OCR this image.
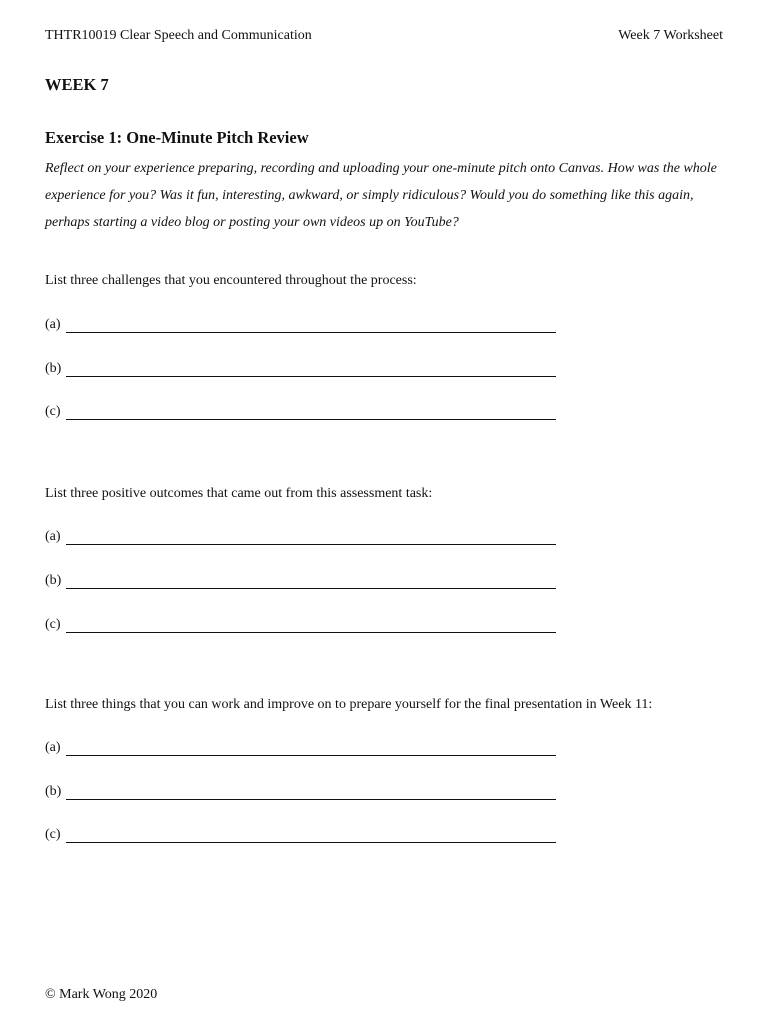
THTR10019 Clear Speech and Communication	Week 7 Worksheet
WEEK 7
Exercise 1: One-Minute Pitch Review
Reflect on your experience preparing, recording and uploading your one-minute pitch onto Canvas. How was the whole experience for you? Was it fun, interesting, awkward, or simply ridiculous? Would you do something like this again, perhaps starting a video blog or posting your own videos up on YouTube?
List three challenges that you encountered throughout the process:
(a)
(b)
(c)
List three positive outcomes that came out from this assessment task:
(a)
(b)
(c)
List three things that you can work and improve on to prepare yourself for the final presentation in Week 11:
(a)
(b)
(c)
© Mark Wong 2020
